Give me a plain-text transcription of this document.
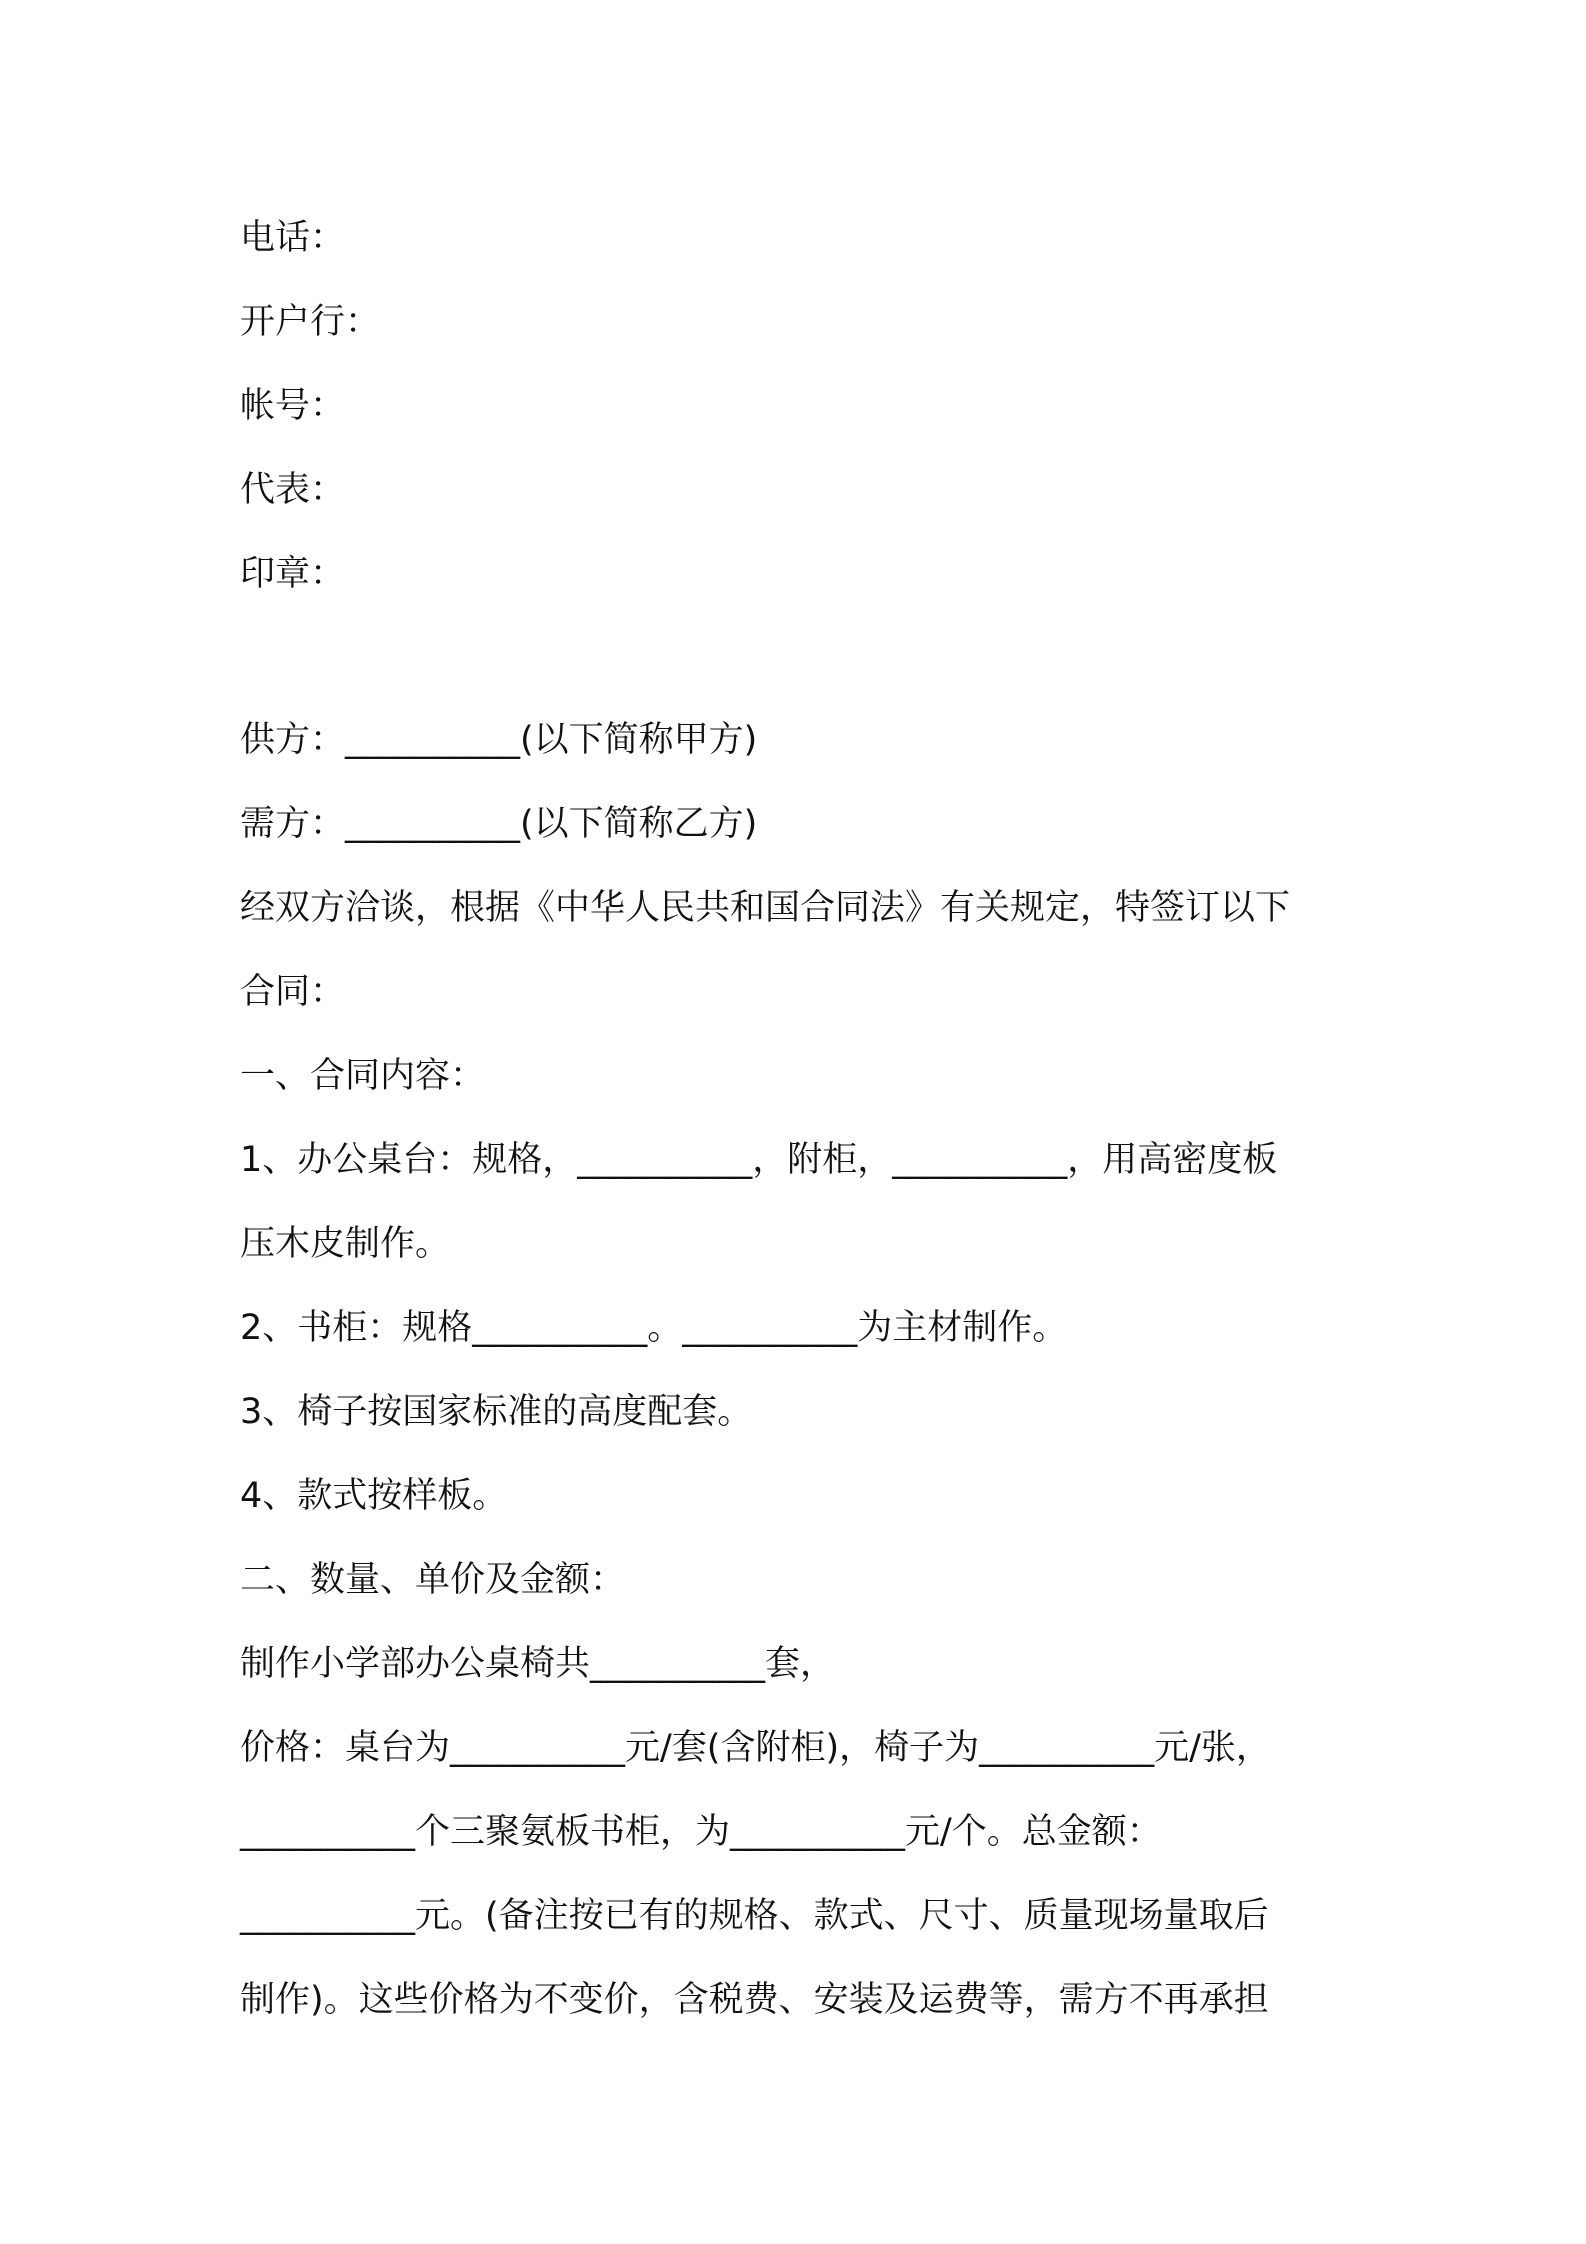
电话：
开户行：
帐号：
代表：
印章：
供方：__________(以下简称甲方)
需方：__________(以下简称乙方)
经双方洽谈，根据《中华人民共和国合同法》有关规定，特签订以下
合同：
一、合同内容：
1、办公桌台：规格，__________，附柜，__________，用高密度板
压木皮制作。
2、书柜：规格__________。__________为主材制作。
3、椅子按国家标准的高度配套。
4、款式按样板。
二、数量、单价及金额：
制作小学部办公桌椅共__________套，
价格：桌台为__________元/套(含附柜)，椅子为__________元/张，
__________个三聚氨板书柜，为__________元/个。总金额：
__________元。(备注按已有的规格、款式、尺寸、质量现场量取后
制作)。这些价格为不变价，含税费、安装及运费等，需方不再承担
